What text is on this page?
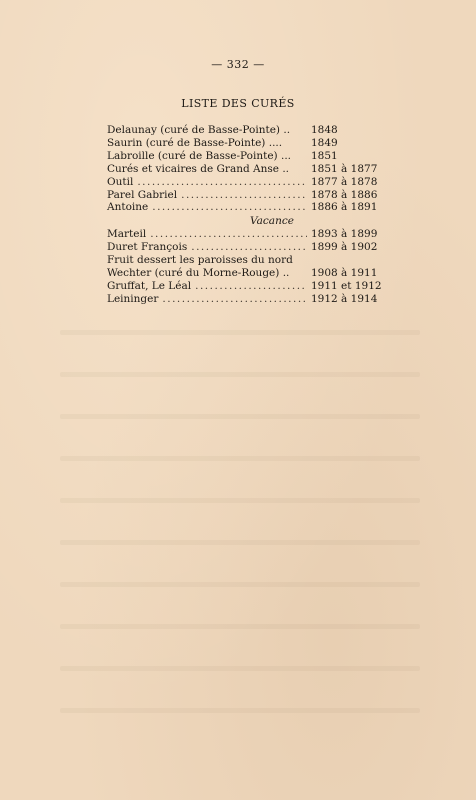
— 332 —
LISTE DES CURÉS
Delaunay (curé de Basse-Pointe) ..	1848
Saurin (curé de Basse-Pointe) ....	1849
Labroille (curé de Basse-Pointe) ...	1851
Curés et vicaires de Grand Anse ..	1851 à 1877
Outil .....	1877 à 1878
Parel Gabriel .....	1878 à 1886
Antoine .....	1886 à 1891
Vacance
Marteil .....	1893 à 1899
Duret François .....	1899 à 1902
Fruit dessert les paroisses du nord
Wechter (curé du Morne-Rouge) ..	1908 à 1911
Gruffat, Le Léal .....	1911 et 1912
Leininger .....	1912 à 1914
